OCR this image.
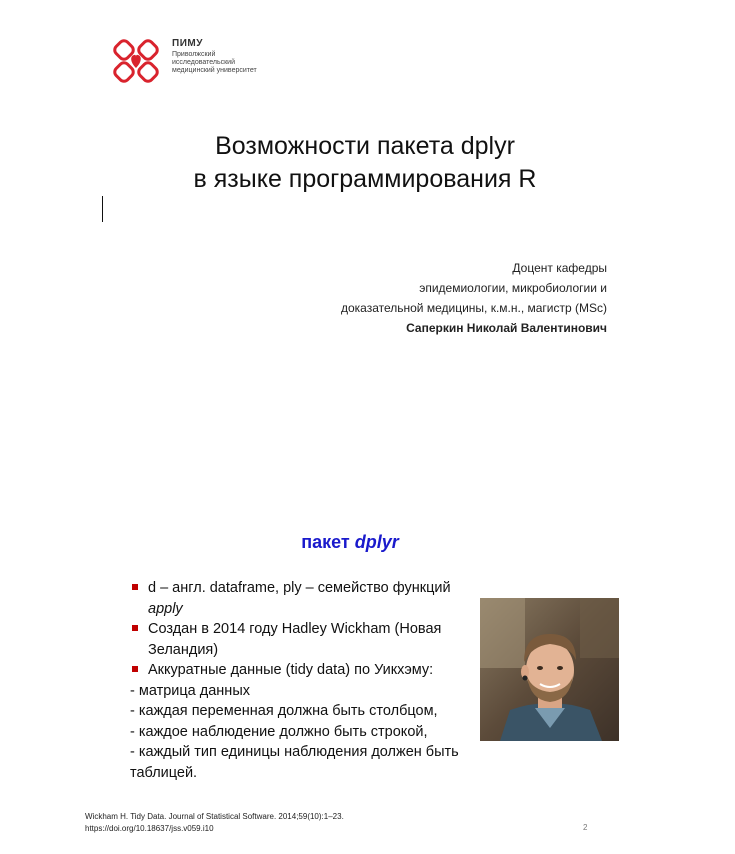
ПИМУ
Приволжский
исследовательский
медицинский университет
Возможности пакета dplyr
в языке программирования R
Доцент кафедры
эпидемиологии, микробиологии и
доказательной медицины, к.м.н., магистр (MSc)
Саперкин Николай Валентинович
пакет dplyr
d – англ. dataframe, ply – семейство функций
apply
Создан в 2014 году Hadley Wickham (Новая
Зеландия)
Аккуратные данные (tidy data) по Уикхэму:
- матрица данных
- каждая переменная должна быть столбцом,
- каждое наблюдение должно быть строкой,
- каждый тип единицы наблюдения должен быть
таблицей.
Wickham H. Tidy Data. Journal of Statistical Software. 2014;59(10):1–23.
https://doi.org/10.18637/jss.v059.i10	2
